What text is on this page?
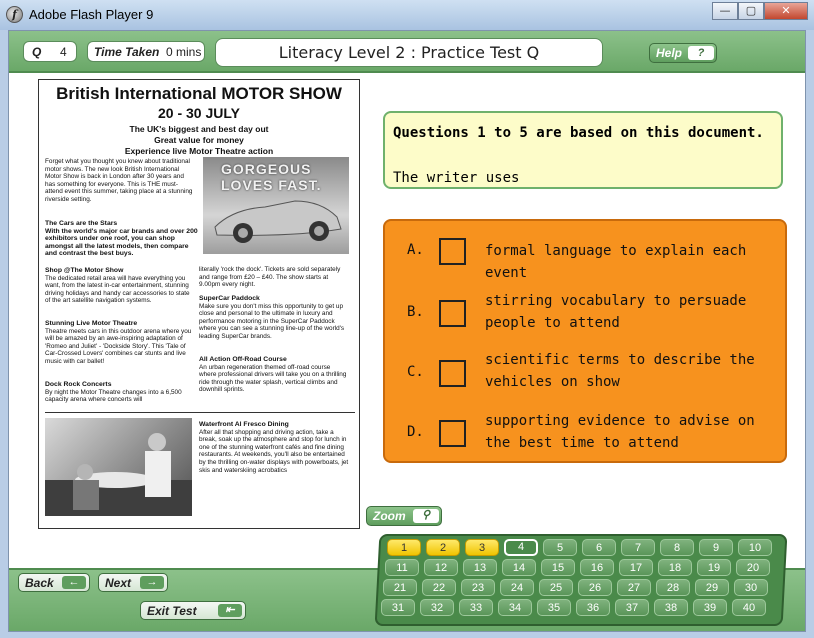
f Adobe Flash Player 9	—	▢	✕
Q 4 Time Taken 0 mins	Literacy Level 2 : Practice Test Q	Help	?
British International MOTOR SHOW
20 - 30 JULY
The UK's biggest and best day out
Great value for money
Experience live Motor Theatre action
Forget what you thought you knew about traditional motor shows. The new look British International Motor Show is back in London after 30 years and has something for everyone. This is THE must-attend event this summer, taking place at a stunning riverside setting.
GORGEOUS LOVES FAST.
The Cars are the Stars
With the world's major car brands and over 200 exhibitors under one roof, you can shop amongst all the latest models, then compare and contrast the best buys.
Shop @The Motor Show
The dedicated retail area will have everything you want, from the latest in-car entertainment, stunning driving holidays and handy car accessories to state of the art satellite navigation systems.
Stunning Live Motor Theatre
Theatre meets cars in this outdoor arena where you will be amazed by an awe-inspiring adaptation of 'Romeo and Juliet' - 'Dockside Story'. This 'Tale of Car-Crossed Lovers' combines car stunts and live music with car ballet!
Dock Rock Concerts
By night the Motor Theatre changes into a 6,500 capacity arena where concerts will
literally 'rock the dock'. Tickets are sold separately and range from £20 – £40. The show starts at 9.00pm every night.
SuperCar Paddock
Make sure you don't miss this opportunity to get up close and personal to the ultimate in luxury and performance motoring in the SuperCar Paddock where you can see a stunning line-up of the world's leading SuperCar brands.
All Action Off-Road Course
An urban regeneration themed off-road course where professional drivers will take you on a thrilling ride through the water splash, vertical climbs and downhill sprints.
Waterfront Al Fresco Dining
After all that shopping and driving action, take a break, soak up the atmosphere and stop for lunch in one of the stunning waterfront cafés and fine dining restaurants. At weekends, you'll also be entertained by the thrilling on-water displays with powerboats, jet skis and waterskiing acrobatics
Questions 1 to 5 are based on this document.
The writer uses
A.	formal language to explain each event
B.
stirring vocabulary to persuade people to attend
C.
scientific terms to describe the vehicles on show
D.
supporting evidence to advise on the best time to attend
Zoom	⚲
Back	←	Next	→
Exit Test	⇤
1	2	3	4	5	6	7	8	9	10
11	12	13	14	15	16	17	18	19	20
21	22	23	24	25	26	27	28	29	30
31	32	33	34	35	36	37	38	39	40
